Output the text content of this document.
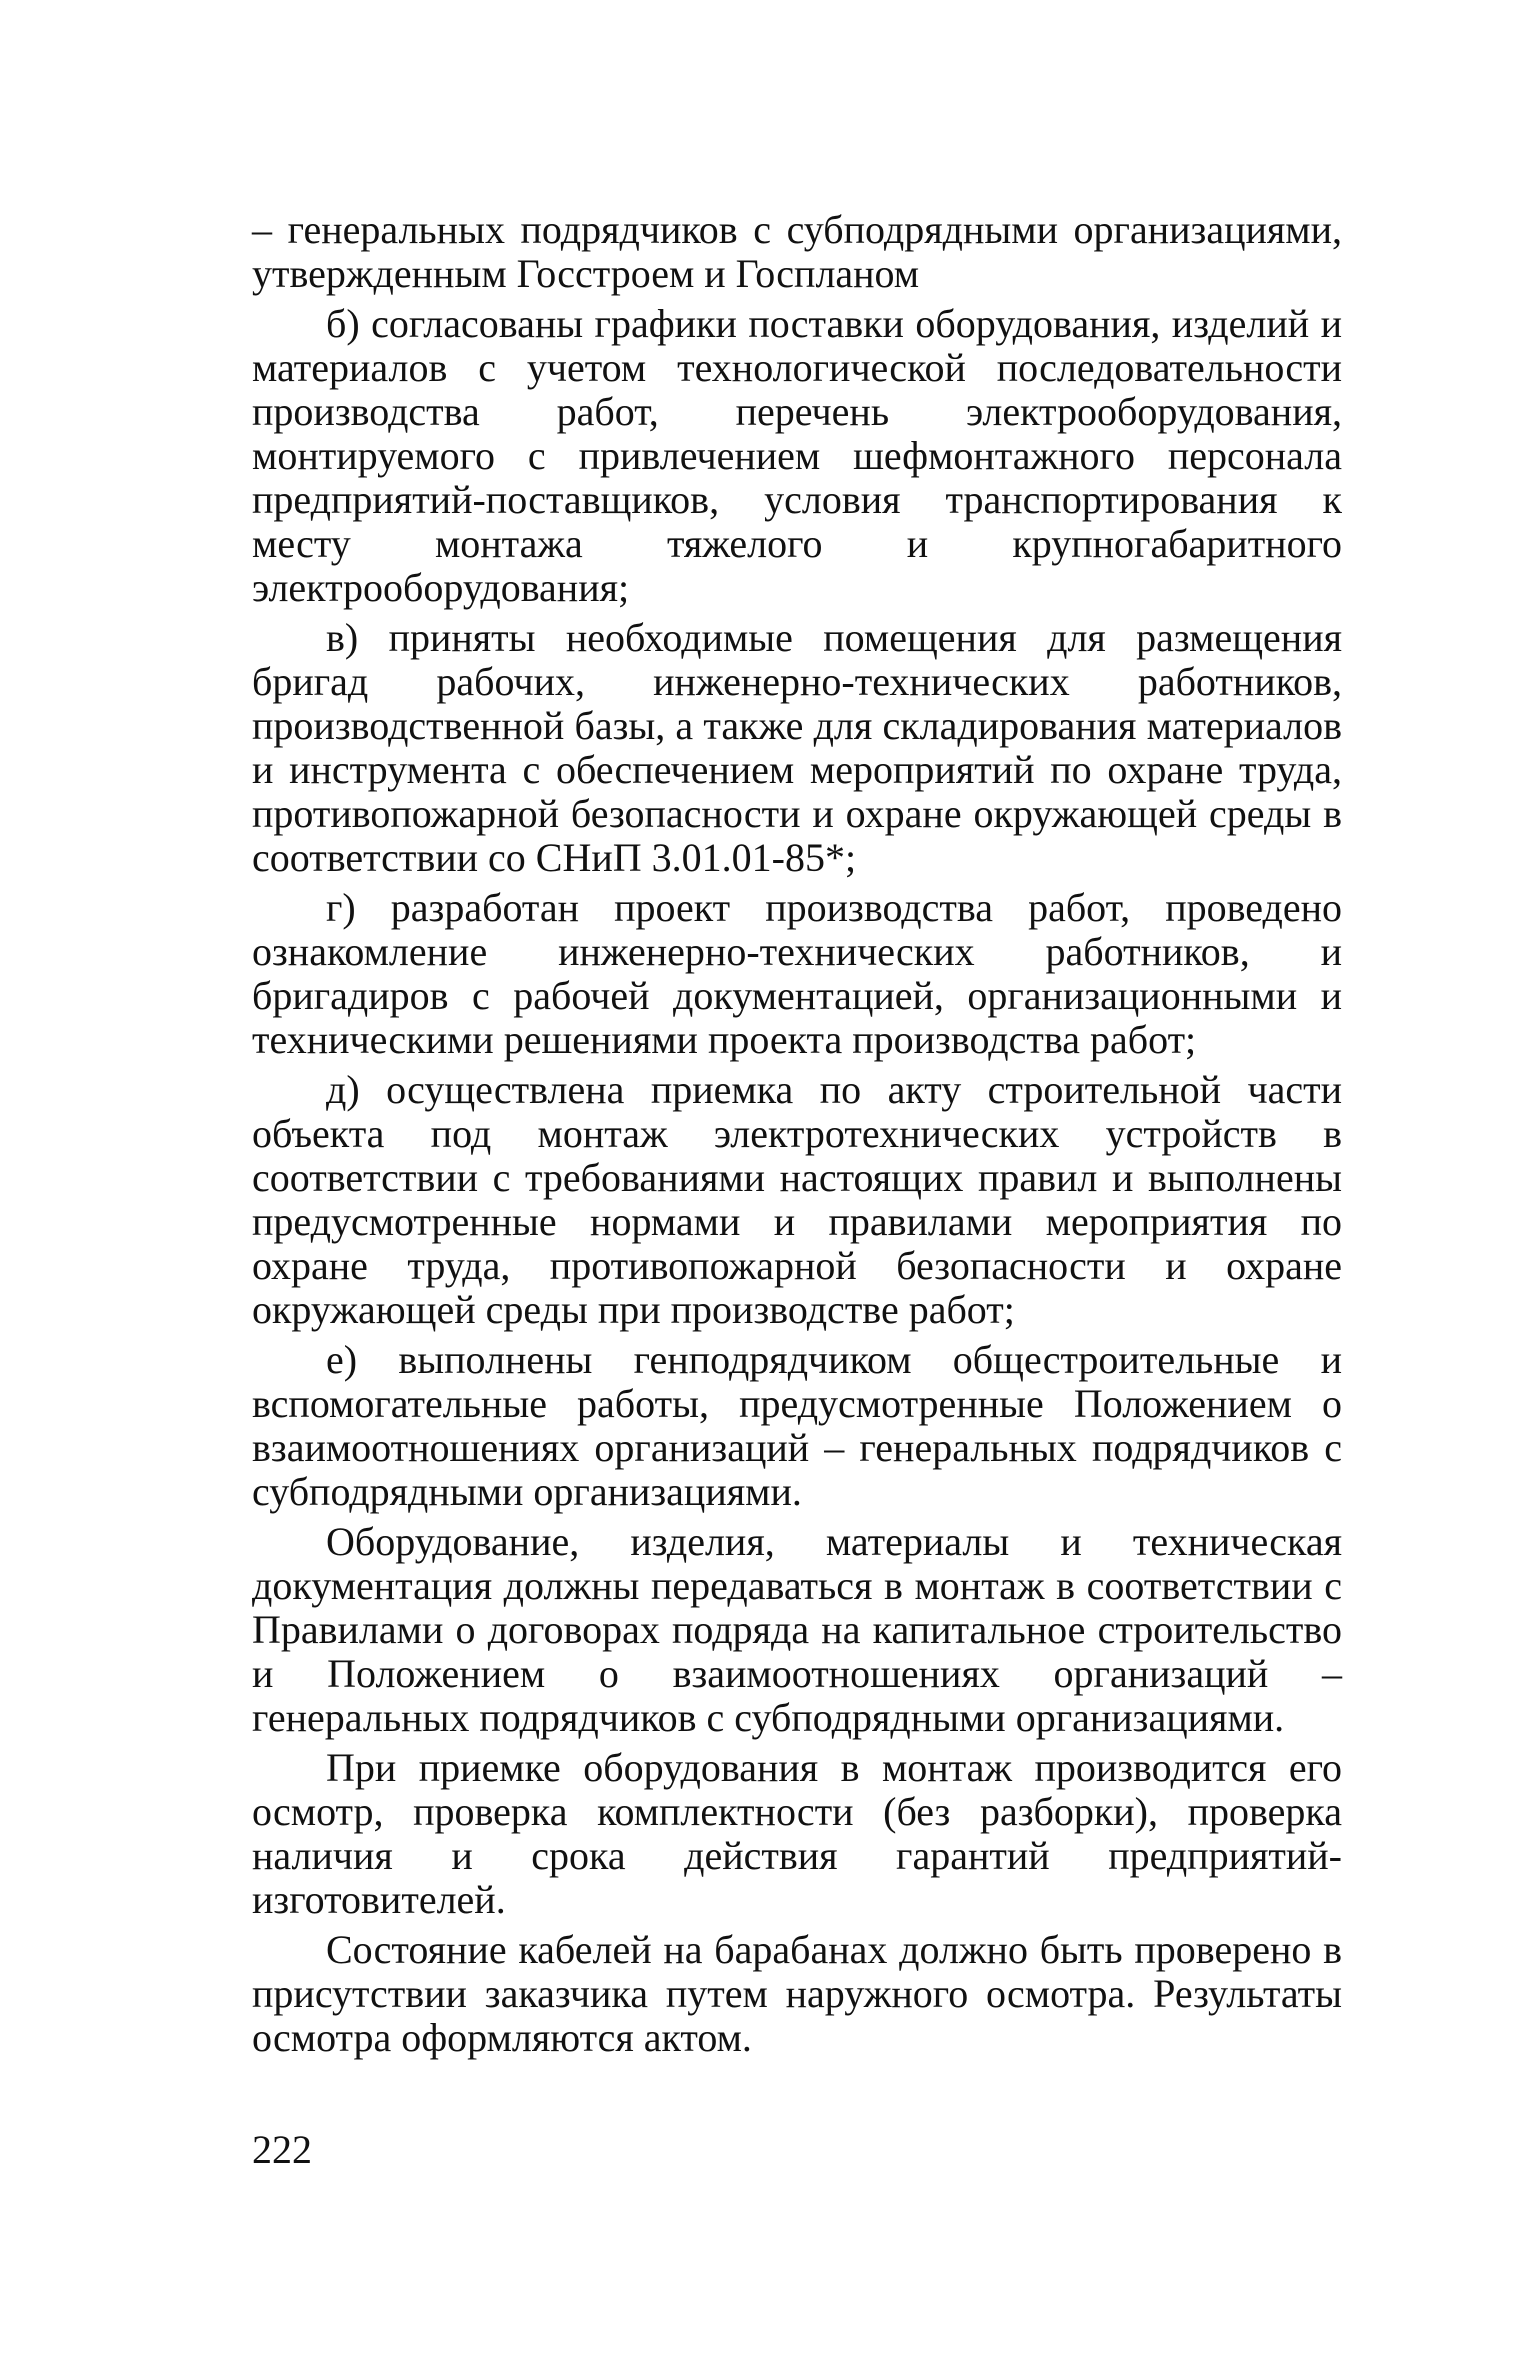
– генеральных подрядчиков с субподрядными организациями, утвержденным Госстроем и Госпланом

б) согласованы графики поставки оборудования, изделий и материалов с учетом технологической последовательности производства работ, перечень электрооборудования, монтируемого с привлечением шефмонтажного персонала предприятий-поставщиков, условия транспортирования к месту монтажа тяжелого и крупногабаритного электрооборудования;

в) приняты необходимые помещения для размещения бригад рабочих, инженерно-технических работников, производственной базы, а также для складирования материалов и инструмента с обеспечением мероприятий по охране труда, противопожарной безопасности и охране окружающей среды в соответствии со СНиП 3.01.01-85*;

г) разработан проект производства работ, проведено ознакомление инженерно-технических работников, и бригадиров с рабочей документацией, организационными и техническими решениями проекта производства работ;

д) осуществлена приемка по акту строительной части объекта под монтаж электротехнических устройств в соответствии с требованиями настоящих правил и выполнены предусмотренные нормами и правилами мероприятия по охране труда, противопожарной безопасности и охране окружающей среды при производстве работ;

е) выполнены генподрядчиком общестроительные и вспомогательные работы, предусмотренные Положением о взаимоотношениях организаций – генеральных подрядчиков с субподрядными организациями.

Оборудование, изделия, материалы и техническая документация должны передаваться в монтаж в соответствии с Правилами о договорах подряда на капитальное строительство и Положением о взаимоотношениях организаций – генеральных подрядчиков с субподрядными организациями.

При приемке оборудования в монтаж производится его осмотр, проверка комплектности (без разборки), проверка наличия и срока действия гарантий предприятий-изготовителей.

Состояние кабелей на барабанах должно быть проверено в присутствии заказчика путем наружного осмотра. Результаты осмотра оформляются актом.

222
